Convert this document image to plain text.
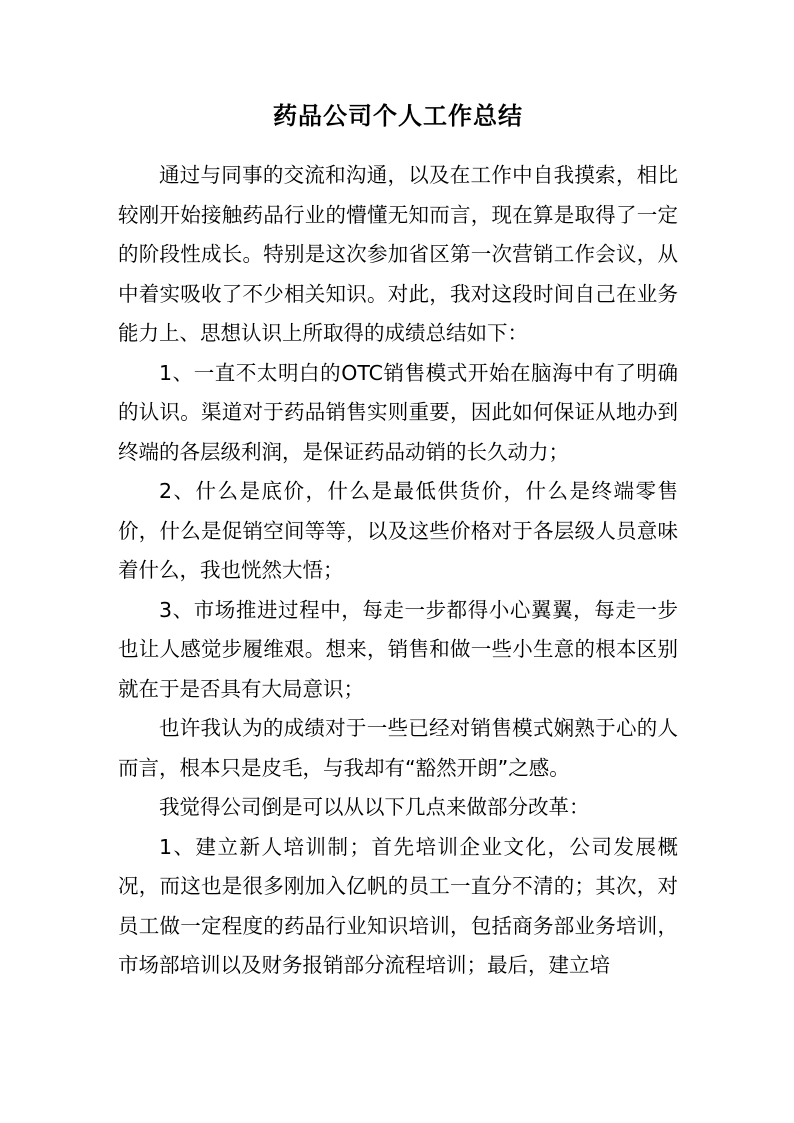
药品公司个人工作总结

通过与同事的交流和沟通，以及在工作中自我摸索，相比较刚开始接触药品行业的懵懂无知而言，现在算是取得了一定的阶段性成长。特别是这次参加省区第一次营销工作会议，从中着实吸收了不少相关知识。对此，我对这段时间自己在业务能力上、思想认识上所取得的成绩总结如下：

1、一直不太明白的OTC销售模式开始在脑海中有了明确的认识。渠道对于药品销售实则重要，因此如何保证从地办到终端的各层级利润，是保证药品动销的长久动力；

2、什么是底价，什么是最低供货价，什么是终端零售价，什么是促销空间等等，以及这些价格对于各层级人员意味着什么，我也恍然大悟；

3、市场推进过程中，每走一步都得小心翼翼，每走一步也让人感觉步履维艰。想来，销售和做一些小生意的根本区别就在于是否具有大局意识；

也许我认为的成绩对于一些已经对销售模式娴熟于心的人而言，根本只是皮毛，与我却有“豁然开朗”之感。

我觉得公司倒是可以从以下几点来做部分改革：

1、建立新人培训制；首先培训企业文化，公司发展概况，而这也是很多刚加入亿帆的员工一直分不清的；其次，对员工做一定程度的药品行业知识培训，包括商务部业务培训，市场部培训以及财务报销部分流程培训；最后，建立培
